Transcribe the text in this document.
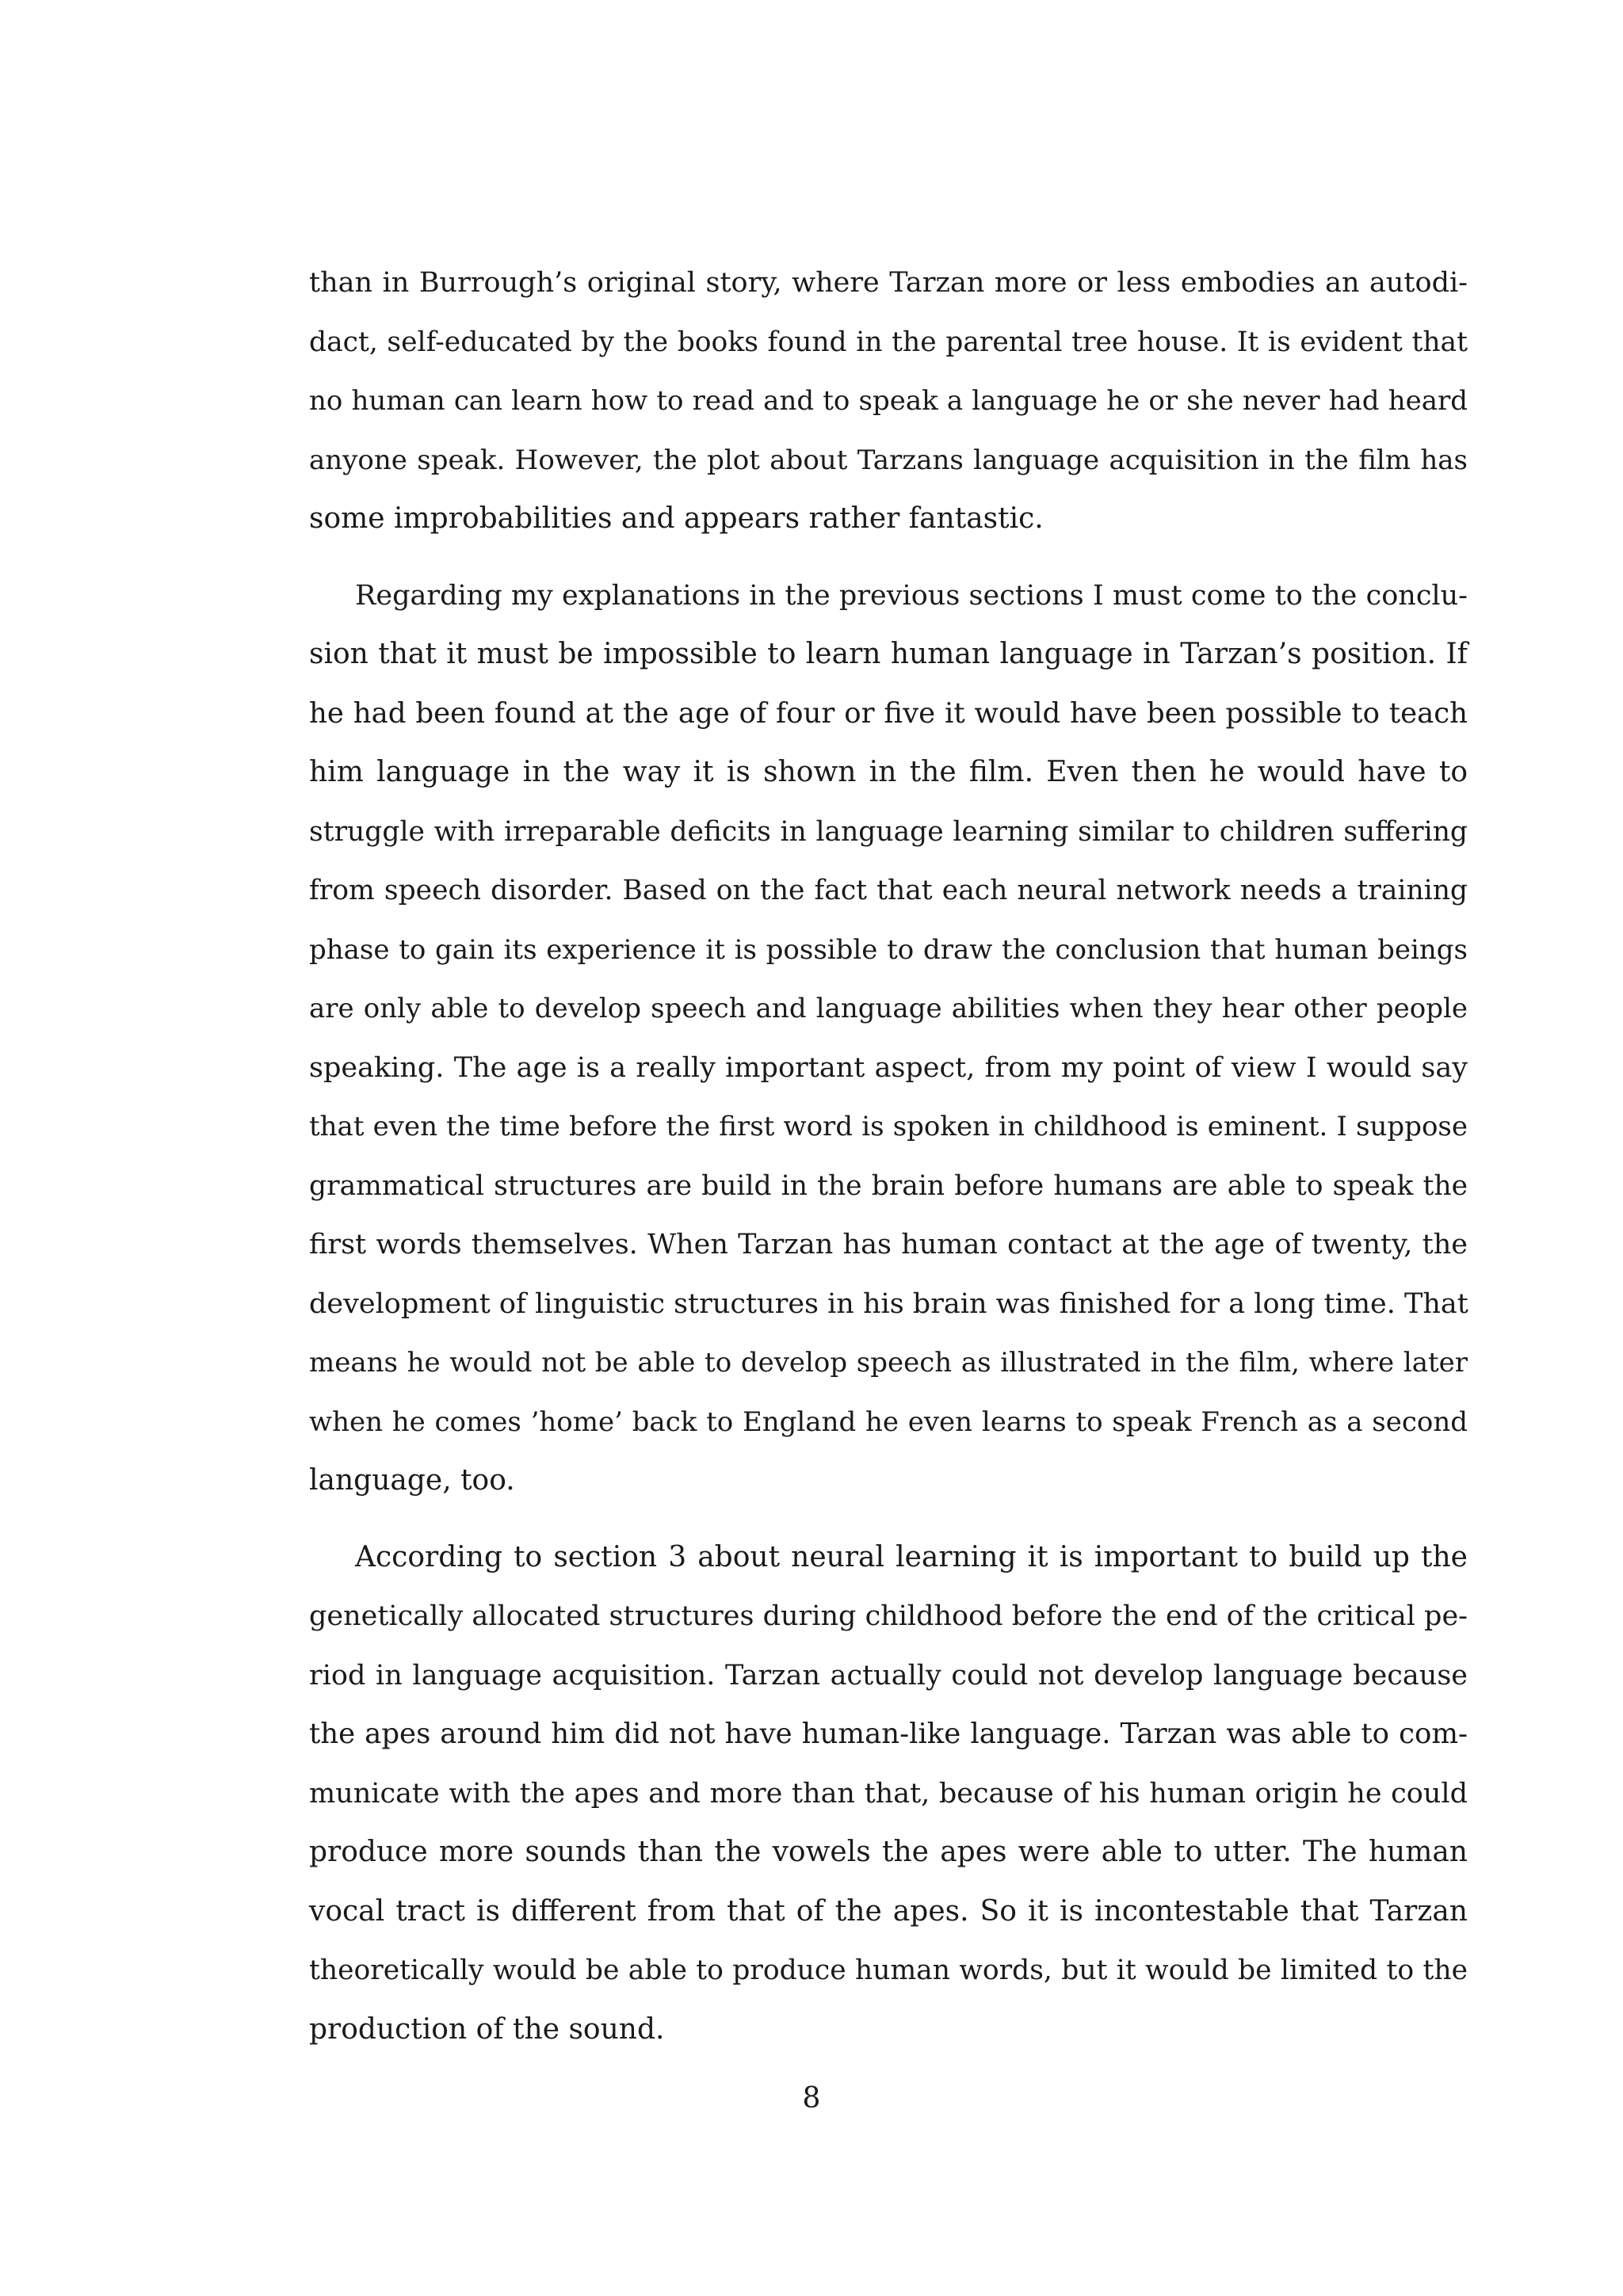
than in Burrough’s original story, where Tarzan more or less embodies an autodi-
dact, self-educated by the books found in the parental tree house. It is evident that
no human can learn how to read and to speak a language he or she never had heard
anyone speak. However, the plot about Tarzans language acquisition in the film has
some improbabilities and appears rather fantastic.
Regarding my explanations in the previous sections I must come to the conclu-
sion that it must be impossible to learn human language in Tarzan’s position. If
he had been found at the age of four or five it would have been possible to teach
him language in the way it is shown in the film. Even then he would have to
struggle with irreparable deficits in language learning similar to children suffering
from speech disorder. Based on the fact that each neural network needs a training
phase to gain its experience it is possible to draw the conclusion that human beings
are only able to develop speech and language abilities when they hear other people
speaking. The age is a really important aspect, from my point of view I would say
that even the time before the first word is spoken in childhood is eminent. I suppose
grammatical structures are build in the brain before humans are able to speak the
first words themselves. When Tarzan has human contact at the age of twenty, the
development of linguistic structures in his brain was finished for a long time. That
means he would not be able to develop speech as illustrated in the film, where later
when he comes ’home’ back to England he even learns to speak French as a second
language, too.
According to section 3 about neural learning it is important to build up the
genetically allocated structures during childhood before the end of the critical pe-
riod in language acquisition. Tarzan actually could not develop language because
the apes around him did not have human-like language. Tarzan was able to com-
municate with the apes and more than that, because of his human origin he could
produce more sounds than the vowels the apes were able to utter. The human
vocal tract is different from that of the apes. So it is incontestable that Tarzan
theoretically would be able to produce human words, but it would be limited to the
production of the sound.
8
